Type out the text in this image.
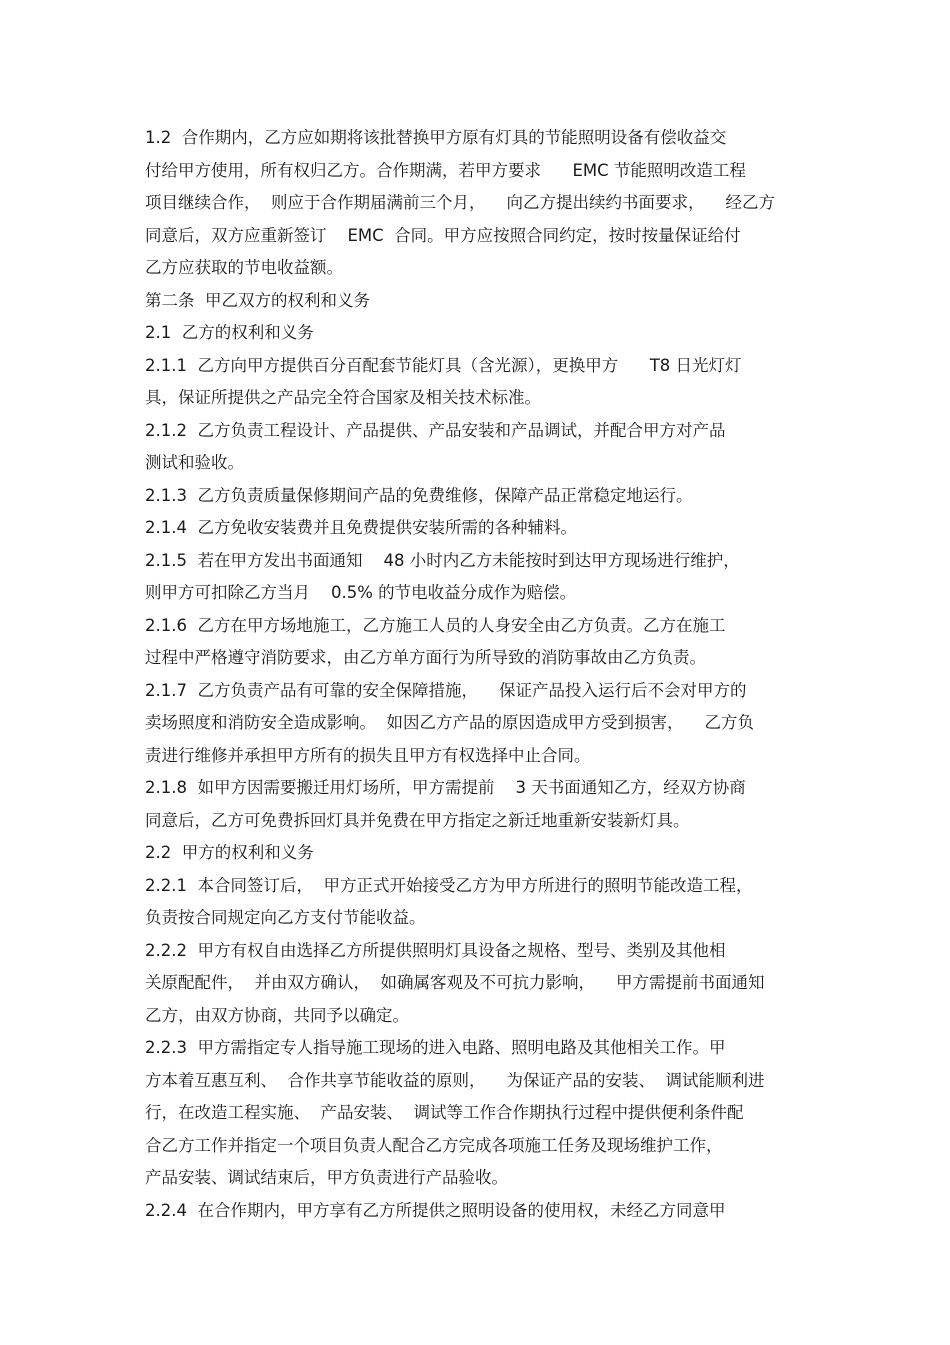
1.2  合作期内，乙方应如期将该批替换甲方原有灯具的节能照明设备有偿收益交
付给甲方使用，所有权归乙方。合作期满，若甲方要求      EMC 节能照明改造工程
项目继续合作，  则应于合作期届满前三个月，    向乙方提出续约书面要求，    经乙方
同意后，双方应重新签订    EMC  合同。甲方应按照合同约定，按时按量保证给付
乙方应获取的节电收益额。
第二条  甲乙双方的权利和义务
2.1  乙方的权利和义务
2.1.1  乙方向甲方提供百分百配套节能灯具（含光源），更换甲方      T8 日光灯灯
具，保证所提供之产品完全符合国家及相关技术标准。
2.1.2  乙方负责工程设计、产品提供、产品安装和产品调试，并配合甲方对产品
测试和验收。
2.1.3  乙方负责质量保修期间产品的免费维修，保障产品正常稳定地运行。
2.1.4  乙方免收安装费并且免费提供安装所需的各种辅料。
2.1.5  若在甲方发出书面通知    48 小时内乙方未能按时到达甲方现场进行维护，
则甲方可扣除乙方当月    0.5% 的节电收益分成作为赔偿。
2.1.6  乙方在甲方场地施工，乙方施工人员的人身安全由乙方负责。乙方在施工
过程中严格遵守消防要求，由乙方单方面行为所导致的消防事故由乙方负责。
2.1.7  乙方负责产品有可靠的安全保障措施，    保证产品投入运行后不会对甲方的
卖场照度和消防安全造成影响。  如因乙方产品的原因造成甲方受到损害，    乙方负
责进行维修并承担甲方所有的损失且甲方有权选择中止合同。
2.1.8  如甲方因需要搬迁用灯场所，甲方需提前    3 天书面通知乙方，经双方协商
同意后，乙方可免费拆回灯具并免费在甲方指定之新迁地重新安装新灯具。
2.2  甲方的权利和义务
2.2.1  本合同签订后，  甲方正式开始接受乙方为甲方所进行的照明节能改造工程，
负责按合同规定向乙方支付节能收益。
2.2.2  甲方有权自由选择乙方所提供照明灯具设备之规格、型号、类别及其他相
关原配配件，  并由双方确认，  如确属客观及不可抗力影响，    甲方需提前书面通知
乙方，由双方协商，共同予以确定。
2.2.3  甲方需指定专人指导施工现场的进入电路、照明电路及其他相关工作。甲
方本着互惠互利、  合作共享节能收益的原则，    为保证产品的安装、  调试能顺利进
行，在改造工程实施、  产品安装、  调试等工作合作期执行过程中提供便利条件配
合乙方工作并指定一个项目负责人配合乙方完成各项施工任务及现场维护工作，
产品安装、调试结束后，甲方负责进行产品验收。
2.2.4  在合作期内，甲方享有乙方所提供之照明设备的使用权，未经乙方同意甲
